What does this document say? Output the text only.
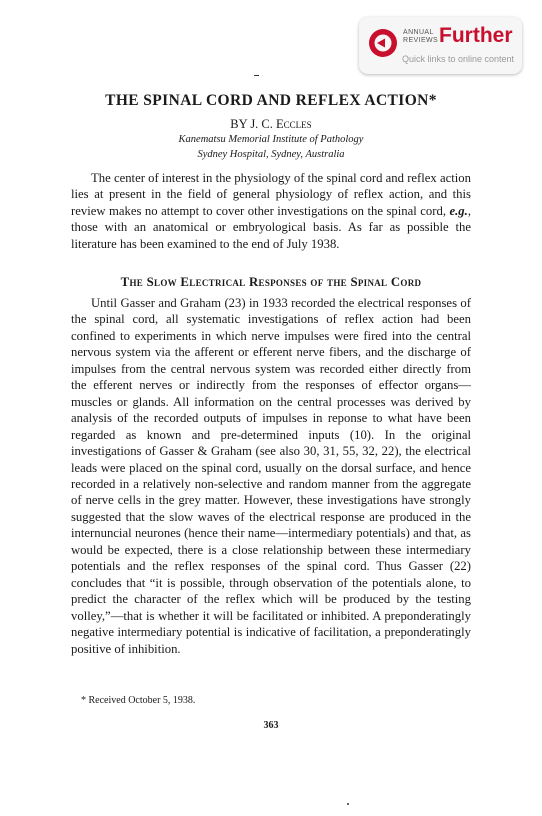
ANNUAL

REVIEWS Further

Quick links to online content

THE SPINAL CORD AND REFLEX ACTION*

BY J. C. Eccles

Kanematsu Memorial Institute of Pathology

Sydney Hospital, Sydney, Australia

The center of interest in the physiology of the spinal cord and reflex action lies at present in the field of general physiology of reflex action, and this review makes no attempt to cover other investigations on the spinal cord, e.g., those with an anatomical or embryological basis. As far as possible the literature has been examined to the end of July 1938.

The Slow Electrical Responses of the Spinal Cord

Until Gasser and Graham (23) in 1933 recorded the electrical responses of the spinal cord, all systematic investigations of reflex action had been confined to experiments in which nerve impulses were fired into the central nervous system via the afferent or efferent nerve fibers, and the discharge of impulses from the central nervous system was recorded either directly from the efferent nerves or indirectly from the responses of effector organs—muscles or glands. All information on the central processes was derived by analysis of the recorded outputs of impulses in reponse to what have been regarded as known and pre-determined inputs (10). In the original investigations of Gasser & Graham (see also 30, 31, 55, 32, 22), the electrical leads were placed on the spinal cord, usually on the dorsal surface, and hence recorded in a relatively non-selective and random manner from the aggregate of nerve cells in the grey matter. However, these investigations have strongly suggested that the slow waves of the electrical response are produced in the internuncial neurones (hence their name—intermediary potentials) and that, as would be expected, there is a close relationship between these intermediary potentials and the reflex responses of the spinal cord. Thus Gasser (22) concludes that “it is possible, through observation of the potentials alone, to predict the character of the reflex which will be produced by the testing volley,”—that is whether it will be facilitated or inhibited. A preponderatingly negative intermediary potential is indicative of facilitation, a preponderatingly positive of inhibition.

* Received October 5, 1938.

363
